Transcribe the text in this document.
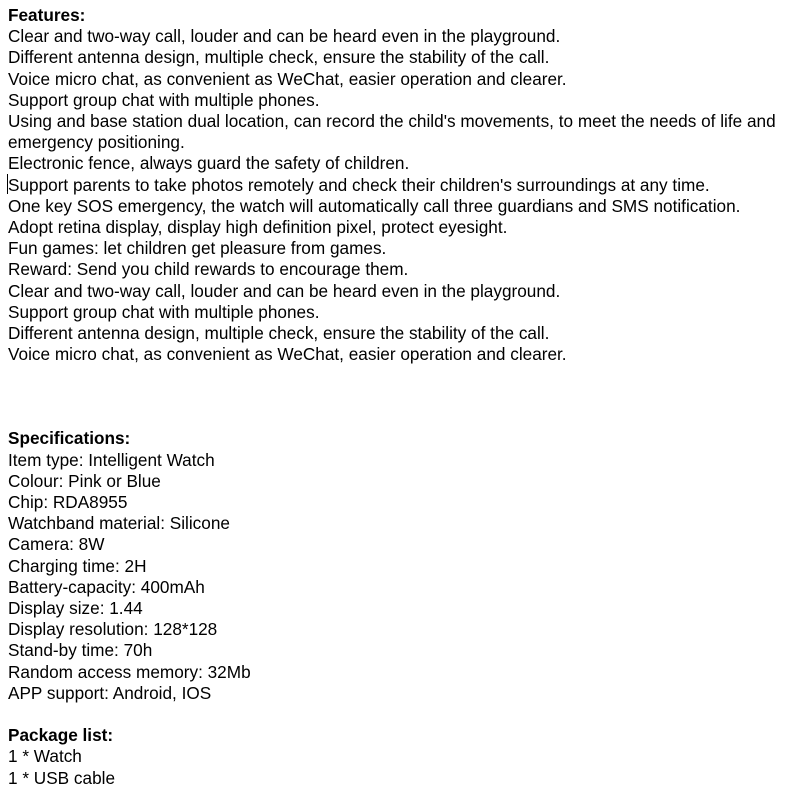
Features:

Clear and two-way call, louder and can be heard even in the playground.

Different antenna design, multiple check, ensure the stability of the call.

Voice micro chat, as convenient as WeChat, easier operation and clearer.

Support group chat with multiple phones.

Using and base station dual location, can record the child's movements, to meet the needs of life and emergency positioning.

Electronic fence, always guard the safety of children.

Support parents to take photos remotely and check their children's surroundings at any time.

One key SOS emergency, the watch will automatically call three guardians and SMS notification.

Adopt retina display, display high definition pixel, protect eyesight.

Fun games: let children get pleasure from games.

Reward: Send you child rewards to encourage them.

Clear and two-way call, louder and can be heard even in the playground.

Support group chat with multiple phones.

Different antenna design, multiple check, ensure the stability of the call.

Voice micro chat, as convenient as WeChat, easier operation and clearer.

Specifications:

Item type: Intelligent Watch

Colour: Pink or Blue

Chip: RDA8955

Watchband material: Silicone

Camera: 8W

Charging time: 2H

Battery-capacity: 400mAh

Display size: 1.44

Display resolution: 128*128

Stand-by time: 70h

Random access memory: 32Mb

APP support: Android, IOS

Package list:

1 * Watch

1 * USB cable
